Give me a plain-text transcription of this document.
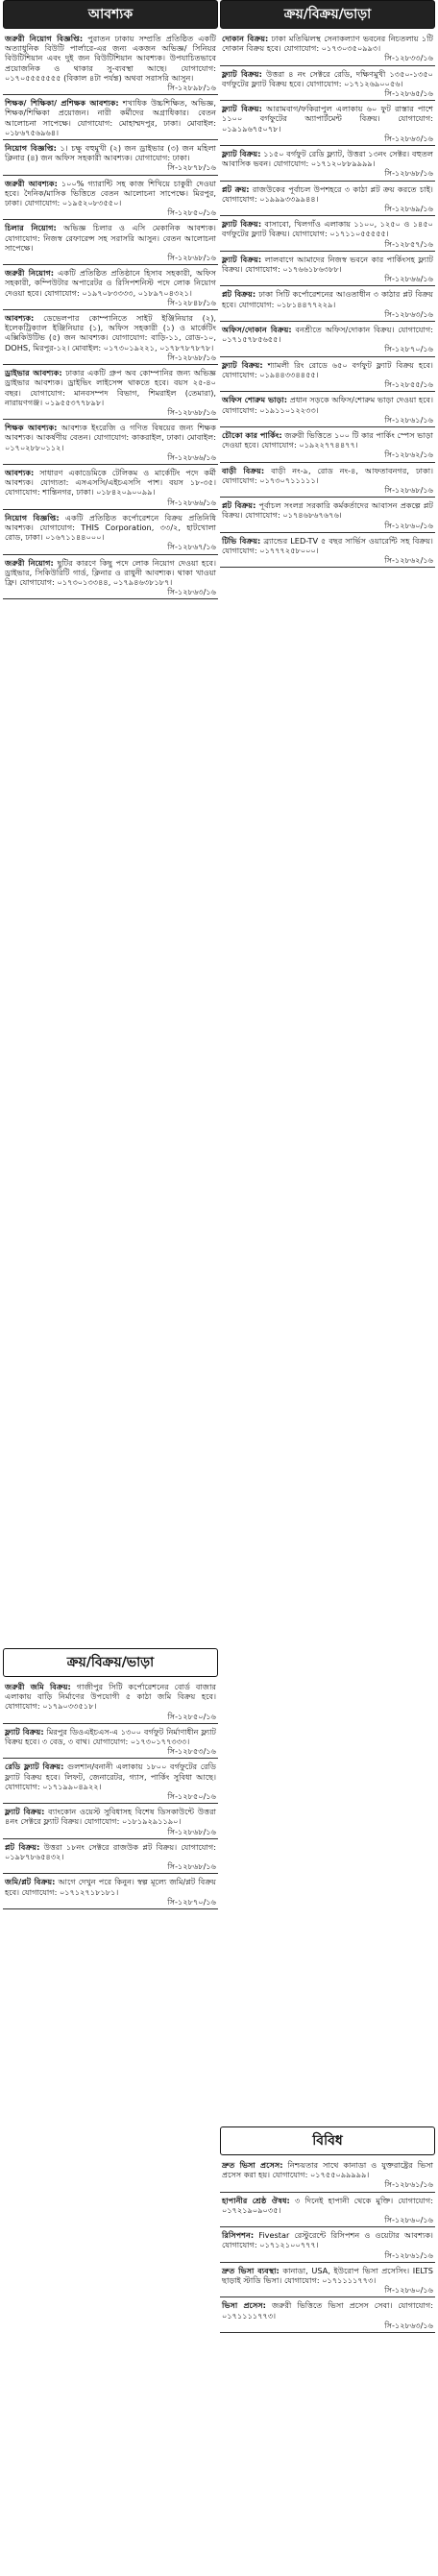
আবশ্যক
জরুরী নিয়োগ বিজ্ঞপ্তি: পুরাতন ঢাকায় সম্প্রতি প্রতিষ্ঠিত একটি অত্যাধুনিক বিউটি পার্লারে-এর জন্য একজন অভিজ্ঞ/ সিনিয়র বিউটিশিয়ান এবং দুই জন বিউটিশিয়ান আবশ্যক। উপযাচিতভাবে প্রয়োজনিক ও থাকার সু-ব্যবস্থা আছে। যোগাযোগ: ০১৭০৫৫৫৫৫৫৫ (বিকাল ৪টা পর্যন্ত) অথবা সরাসরি আসুন।
সি-১২৮৯৮/১৬
শিক্ষক/ শিক্ষিকা/ প্রশিক্ষক আবশ্যক: শখাধিক উচ্চশিক্ষিত, অভিজ্ঞ, শিক্ষক/শিক্ষিকা প্রয়োজন। নারী কর্মীদের অগ্রাধিকার। বেতন আলোচনা সাপেক্ষে। যোগাযোগ: মোহাম্মদপুর, ঢাকা। মোবাইল: ০১৮৬৭৫৬৯৬৪।
নিয়োগ বিজ্ঞপ্তি: ১। চক্ষু বহুমুখী (২) জন ড্রাইভার (৩) জন মহিলা ক্লিনার (৪) জন অফিস সহকারী আবশ্যক। যোগাযোগ: ঢাকা।
সি-১২৮৭৮/১৬
জরুরী আবশ্যক: ১০০% গ্যারান্টি সহ কাজ শিখিয়ে চাকুরী দেওয়া হবে। দৈনিক/মাসিক ভিত্তিতে বেতন আলোচনা সাপেক্ষে। মিরপুর, ঢাকা। যোগাযোগ: ০১৯৫২০৮৩৫৫০।
সি-১২৮৫০/১৬
চিলার নিয়োগ: অভিজ্ঞ চিলার ও এসি মেকানিক আবশ্যক। যোগাযোগ: নিজস্ব রেফারেন্স সহ সরাসরি আসুন। বেতন আলোচনা সাপেক্ষে।
সি-১২৮৬৮/১৬
জরুরী নিয়োগ: একটি প্রতিষ্ঠিত প্রতিষ্ঠানে হিসাব সহকারী, অফিস সহকারী, কম্পিউটার অপারেটর ও রিসিপশনিস্ট পদে লোক নিয়োগ দেওয়া হবে। যোগাযোগ: ০১৯৭০৮৩৩৩৩, ০১৮৯৭০৪৩২১।
সি-১২৮৪৮/১৬
আবশ্যক: ডেভেলপার কোম্পানিতে সাইট ইঞ্জিনিয়ার (২), ইলেকট্রিক্যাল ইঞ্জিনিয়ার (১), অফিস সহকারী (১) ও মার্কেটিং এক্সিকিউটিভ (৫) জন আবশ্যক। যোগাযোগ: বাড়ি-১১, রোড-১০, DOHS, মিরপুর-১২। মোবাইল: ০১৭৩০১৯২২১, ০১৭৮৭৮৭৮৭৮।
সি-১২৮৬৮/১৬
ড্রাইভার আবশ্যক: ঢাকার একটি গ্রুপ অব কোম্পানির জন্য অভিজ্ঞ ড্রাইভার আবশ্যক। ড্রাইভিং লাইসেন্স থাকতে হবে। বয়স ২৫-৪০ বছর। যোগাযোগ: মানবসম্পদ বিভাগ, শিমরাইল (তেমারা), নারায়ণগঞ্জ। ০১৯৫৫৩৭৭৮৯৮।
সি-১২৮৬৮/১৬
শিক্ষক আবশ্যক: আবশ্যক ইংরেজি ও গণিত বিষয়ের জন্য শিক্ষক আবশ্যক। আকর্ষণীয় বেতন। যোগাযোগ: কাকরাইল, ঢাকা। মোবাইল: ০১৭০২৮৮০১১২।
সি-১২৮৬৬/১৬
আবশ্যক: সাধারণ একাডেমিকে টেলিকম ও মার্কেটিং পদে কর্মী আবশ্যক। যোগ্যতা: এসএসসি/এইচএসসি পাশ। বয়স ১৮-৩৫। যোগাযোগ: শান্তিনগর, ঢাকা। ০১৮৪২০৯০০৯৯।
সি-১২৮৬৬/১৬
নিয়োগ বিজ্ঞপ্তি: একটি প্রতিষ্ঠিত কর্পোরেশনে বিক্রয় প্রতিনিধি আবশ্যক। যোগাযোগ: THIS Corporation, ৩৩/২, হাটখোলা রোড, ঢাকা। ০১৬৭১১৪৪০০০।
সি-১২৮৬৭/১৬
জরুরী নিয়োগ: ছুটির কারণে কিছু পদে লোক নিয়োগ দেওয়া হবে। ড্রাইভার, সিকিউরিটি গার্ড, ক্লিনার ও রাধুনী আবশ্যক। থাকা খাওয়া ফ্রি। যোগাযোগ: ০১৭৩০১৩৩৪৪, ০১৭৯৪৬৩৮১৮৭।
সি-১২৮৬৩/১৬
ক্রয়/বিক্রয়/ভাড়া
জরুরী জমি বিক্রয়: গাজীপুর সিটি কর্পোরেশনের বোর্ড বাজার এলাকায় বাড়ি নির্মাণের উপযোগী ৫ কাঠা জমি বিক্রয় হবে। যোগাযোগ: ০১৭৯০৩৩৫১৮।
সি-১২৮৫০/১৬
ফ্ল্যাট বিক্রয়: মিরপুর ডিওএইচএস-এ ১৩০০ বর্গফুট নির্মাণাধীন ফ্ল্যাট বিক্রয় হবে। ৩ বেড, ৩ বাথ। যোগাযোগ: ০১৭৩০১৭৭৩৩৩।
সি-১২৮৫৩/১৬
রেডি ফ্ল্যাট বিক্রয়: গুলশান/বনানী এলাকায় ১৮০০ বর্গফুটের রেডি ফ্ল্যাট বিক্রয় হবে। লিফট, জেনারেটর, গ্যাস, পার্কিং সুবিধা আছে। যোগাযোগ: ০১৭১৯৯০৪৯২২।
সি-১২৮৫০/১৬
ফ্ল্যাট বিক্রয়: ব্যাংকোন ওয়েস্ট সুবিধাসহ বিশেষ ডিসকাউন্টে উত্তরা ৪নং সেক্টরে ফ্ল্যাট বিক্রয়। যোগাযোগ: ০১৮১৯২৯১১৯০।
সি-১২৮৬৮/১৬
প্লট বিক্রয়: উত্তরা ১৮নং সেক্টরে রাজউক প্লট বিক্রয়। যোগাযোগ: ০১৯৮৭৮৬৫৪৩২।
সি-১২৮৬৮/১৬
জমি/প্লট বিক্রয়: আগে দেখুন পরে কিনুন। স্বল্প মূল্যে জমি/প্লট বিক্রয় হবে। যোগাযোগ: ০১৭১২৭১৮১৮১।
সি-১২৮৭০/১৬
ক্রয়/বিক্রয়/ভাড়া
দোকান বিক্রয়: ঢাকা মতিঝিলস্থ সেনাকল্যাণ ভবনের নিচতলায় ১টি দোকান বিক্রয় হবে। যোগাযোগ: ০১৭৩০৩৫০৯৯৩।
সি-১২৮৩৩/১৬
ফ্ল্যাট বিক্রয়: উত্তরা ৪ নং সেক্টরে রেডি, দক্ষিণমুখী ১৩৫০-১৩৫০ বর্গফুটের ফ্ল্যাট বিক্রয় হবে। যোগাযোগ: ০১৭১২৬৯০০৫৬।
সি-১২৮৬৫/১৬
ফ্ল্যাট বিক্রয়: আরামবাগ/ফকিরাপুল এলাকায় ৬০ ফুট রাস্তার পাশে ১১০০ বর্গফুটের অ্যাপার্টমেন্ট বিক্রয়। যোগাযোগ: ০১৯১৯৬৭৫০৭৮।
সি-১২৮৬৩/১৬
ফ্ল্যাট বিক্রয়: ১১৫০ বর্গফুট রেডি ফ্ল্যাট, উত্তরা ১৩নং সেক্টর। বহুতল আবাসিক ভবন। যোগাযোগ: ০১৭১২০৮৮৯৯৯৯।
সি-১২৮৬৮/১৬
প্লট ক্রয়: রাজউকের পূর্বাচল উপশহরে ৩ কাঠা প্লট ক্রয় করতে চাই। যোগাযোগ: ০১৯৯৯৩৩৯৯৪৪।
সি-১২৮৬৯/১৬
ফ্ল্যাট বিক্রয়: বাসাবো, খিলগাঁও এলাকায় ১১০০, ১২৫০ ও ১৪৫০ বর্গফুটের ফ্ল্যাট বিক্রয়। যোগাযোগ: ০১৭১১০৫৫৫৫৫।
সি-১২৮৫৭/১৬
ফ্ল্যাট বিক্রয়: লালবাগে আমাদের নিজস্ব ভবনে কার পার্কিংসহ ফ্ল্যাট বিক্রয়। যোগাযোগ: ০১৭৬৬১৮৬৩৮৮।
সি-১২৮৬৬/১৬
প্লট বিক্রয়: ঢাকা সিটি কর্পোরেশনের আওতাধীন ৩ কাঠার প্লট বিক্রয় হবে। যোগাযোগ: ০১৮১৪৪৭৭২২৯।
সি-১২৮৬৩/১৬
অফিস/দোকান বিক্রয়: বনশ্রীতে অফিস/দোকান বিক্রয়। যোগাযোগ: ০১৭১৫৭৮৫৬৫৫।
সি-১২৮৭০/১৬
ফ্ল্যাট বিক্রয়: শ্যামলী রিং রোডে ৬৫০ বর্গফুট ফ্ল্যাট বিক্রয় হবে। যোগাযোগ: ০১৯৪৪৩৩৪৪৫৫।
সি-১২৮৫৫/১৬
অফিস শোরুম ভাড়া: প্রধান সড়কে অফিস/শোরুম ভাড়া দেওয়া হবে। যোগাযোগ: ০১৯১১০১২২৩৩।
সি-১২৮৬১/১৬
চৌকো কার পার্কিং: জরুরী ভিত্তিতে ১০০ টি কার পার্কিং স্পেস ভাড়া দেওয়া হবে। যোগাযোগ: ০১৯২২৭৭৪৪৭৭।
সি-১২৮৬২/১৬
বাড়ী বিক্রয়: বাড়ী নং-৯, রোড নং-৪, আফতাবনগর, ঢাকা। যোগাযোগ: ০১৭৩০৭১১১১১।
সি-১২৮৬৮/১৬
প্লট বিক্রয়: পূর্বাচল সংলগ্ন সরকারি কর্মকর্তাদের আবাসন প্রকল্পে প্লট বিক্রয়। যোগাযোগ: ০১৭৪৬৮৬৭৬৭৬।
সি-১২৮৬০/১৬
টিভি বিক্রয়: ব্র্যান্ডের LED-TV ৫ বছর সার্ভিস ওয়ারেন্টি সহ বিক্রয়। যোগাযোগ: ০১৭৭৭২৫৮০০০।
সি-১২৮৬২/১৬
বিবিধ
দ্রুত ভিসা প্রসেস: নিশ্চয়তার সাথে কানাডা ও যুক্তরাষ্ট্রের ভিসা প্রসেস করা হয়। যোগাযোগ: ০১৭৫৫০৯৯৯৯৯।
সি-১২৮৬১/১৬
হাপানীর শ্রেষ্ঠ ঔষধ: ৩ দিনেই হাপানী থেকে মুক্তি। যোগাযোগ: ০১৭২১৯০৯০৩৫।
সি-১২৮৬০/১৬
রিসিপশন: Fivestar রেস্টুরেন্টে রিসিপশন ও ওয়েটার আবশ্যক। যোগাযোগ: ০১৭১২১০০৭৭৭।
সি-১২৮৬১/১৬
দ্রুত ভিসা ব্যবস্থা: কানাডা, USA, ইউরোপ ভিসা প্রসেসিং। IELTS ছাড়াই স্টাডি ভিসা। যোগাযোগ: ০১৭১১১১৭৭৩।
সি-১২৮৬০/১৬
ভিসা প্রসেস: জরুরী ভিত্তিতে ভিসা প্রসেস সেবা। যোগাযোগ: ০১৭১১১১৭৭৩।
সি-১২৮৬৩/১৬
